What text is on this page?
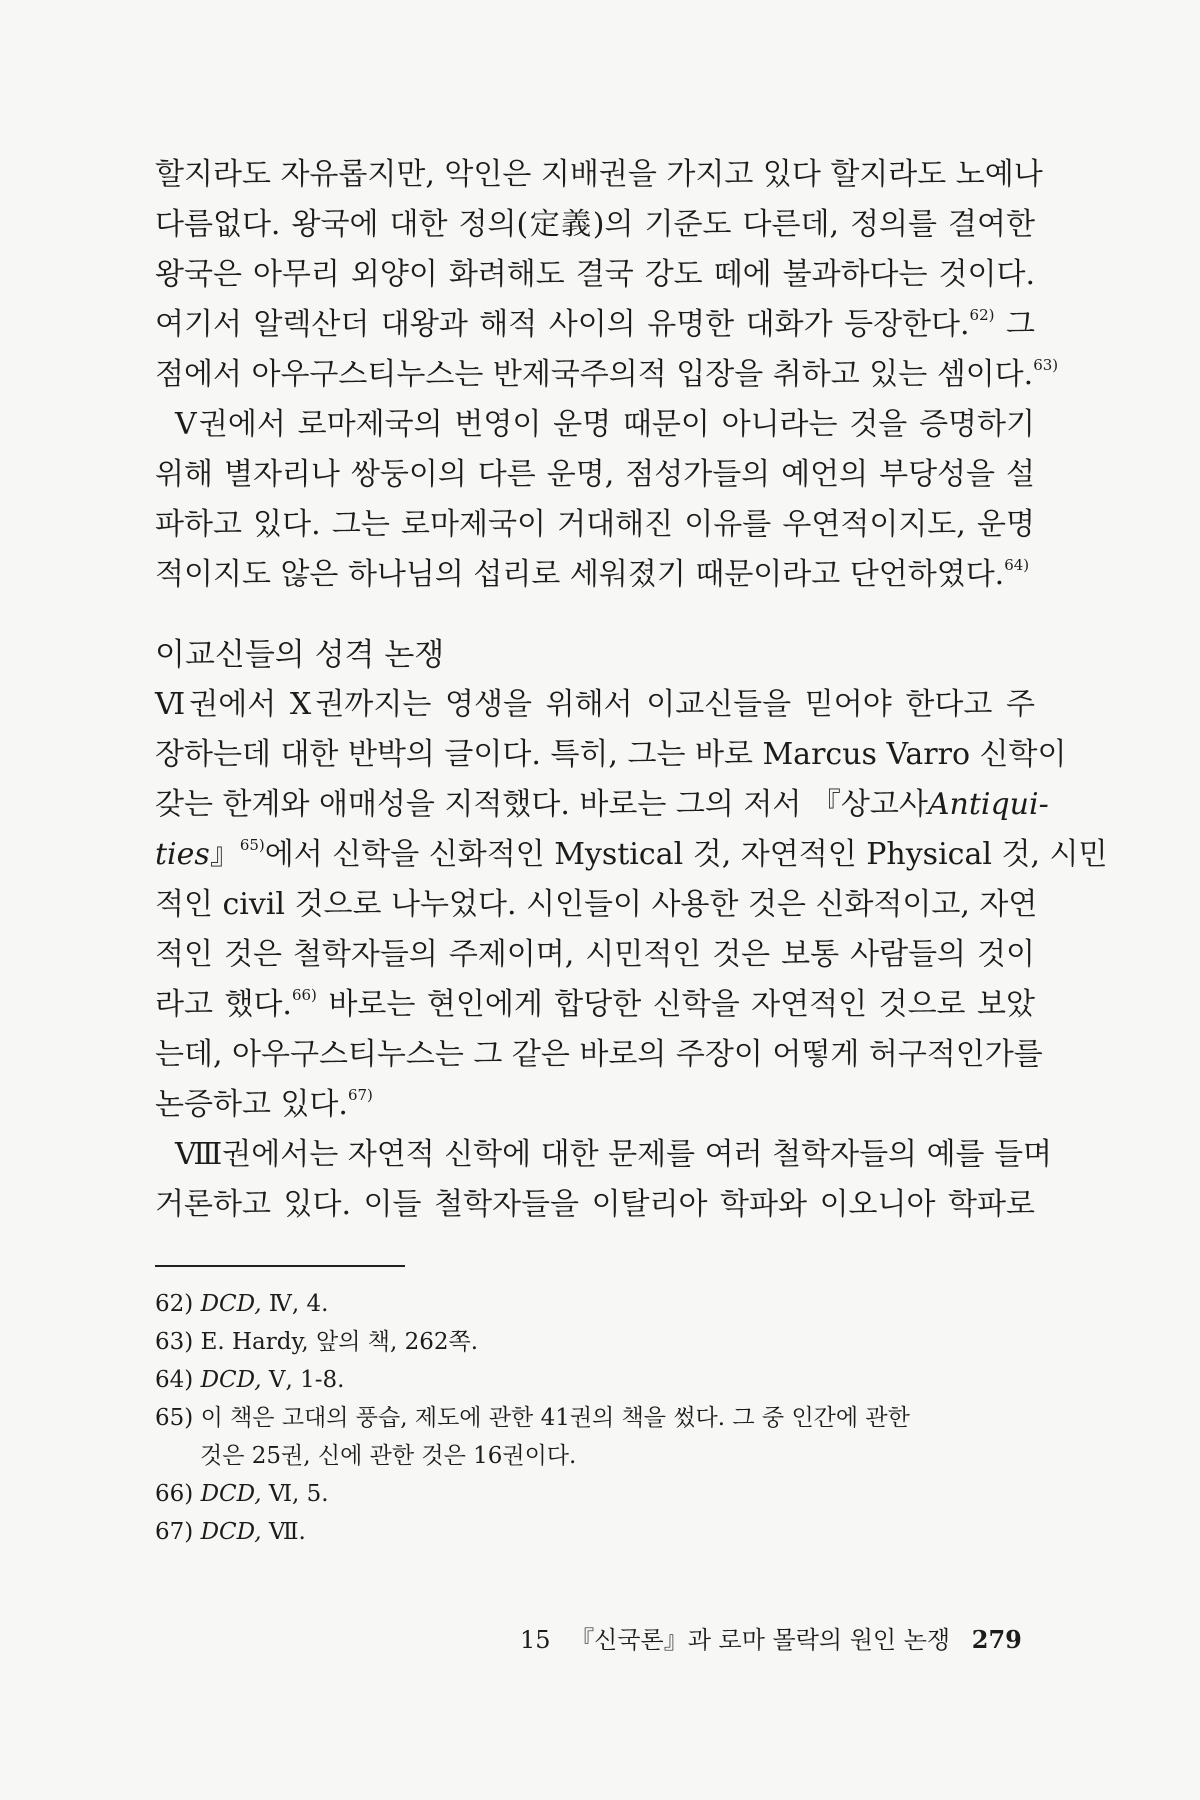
할지라도 자유롭지만, 악인은 지배권을 가지고 있다 할지라도 노예나
다름없다. 왕국에 대한 정의(定義)의 기준도 다른데, 정의를 결여한
왕국은 아무리 외양이 화려해도 결국 강도 떼에 불과하다는 것이다.
여기서 알렉산더 대왕과 해적 사이의 유명한 대화가 등장한다.$^{62)}$ 그
점에서 아우구스티누스는 반제국주의적 입장을 취하고 있는 셈이다.$^{63)}$
Ⅴ권에서 로마제국의 번영이 운명 때문이 아니라는 것을 증명하기
위해 별자리나 쌍둥이의 다른 운명, 점성가들의 예언의 부당성을 설
파하고 있다. 그는 로마제국이 거대해진 이유를 우연적이지도, 운명
적이지도 않은 하나님의 섭리로 세워졌기 때문이라고 단언하였다.$^{64)}$
이교신들의 성격 논쟁
Ⅵ권에서 Ⅹ권까지는 영생을 위해서 이교신들을 믿어야 한다고 주
장하는데 대한 반박의 글이다. 특히, 그는 바로 Marcus Varro 신학이
갖는 한계와 애매성을 지적했다. 바로는 그의 저서 『상고사Antiqui-
ties』$^{65)}$에서 신학을 신화적인 Mystical 것, 자연적인 Physical 것, 시민
적인 civil 것으로 나누었다. 시인들이 사용한 것은 신화적이고, 자연
적인 것은 철학자들의 주제이며, 시민적인 것은 보통 사람들의 것이
라고 했다.$^{66)}$ 바로는 현인에게 합당한 신학을 자연적인 것으로 보았
는데, 아우구스티누스는 그 같은 바로의 주장이 어떻게 허구적인가를
논증하고 있다.$^{67)}$
Ⅷ권에서는 자연적 신학에 대한 문제를 여러 철학자들의 예를 들며
거론하고 있다. 이들 철학자들을 이탈리아 학파와 이오니아 학파로
62) DCD, Ⅳ, 4.
63) E. Hardy, 앞의 책, 262쪽.
64) DCD, Ⅴ, 1-8.
65) 이 책은 고대의 풍습, 제도에 관한 41권의 책을 썼다. 그 중 인간에 관한
것은 25권, 신에 관한 것은 16권이다.
66) DCD, Ⅵ, 5.
67) DCD, Ⅶ.
15 『신국론』과 로마 몰락의 원인 논쟁 279
